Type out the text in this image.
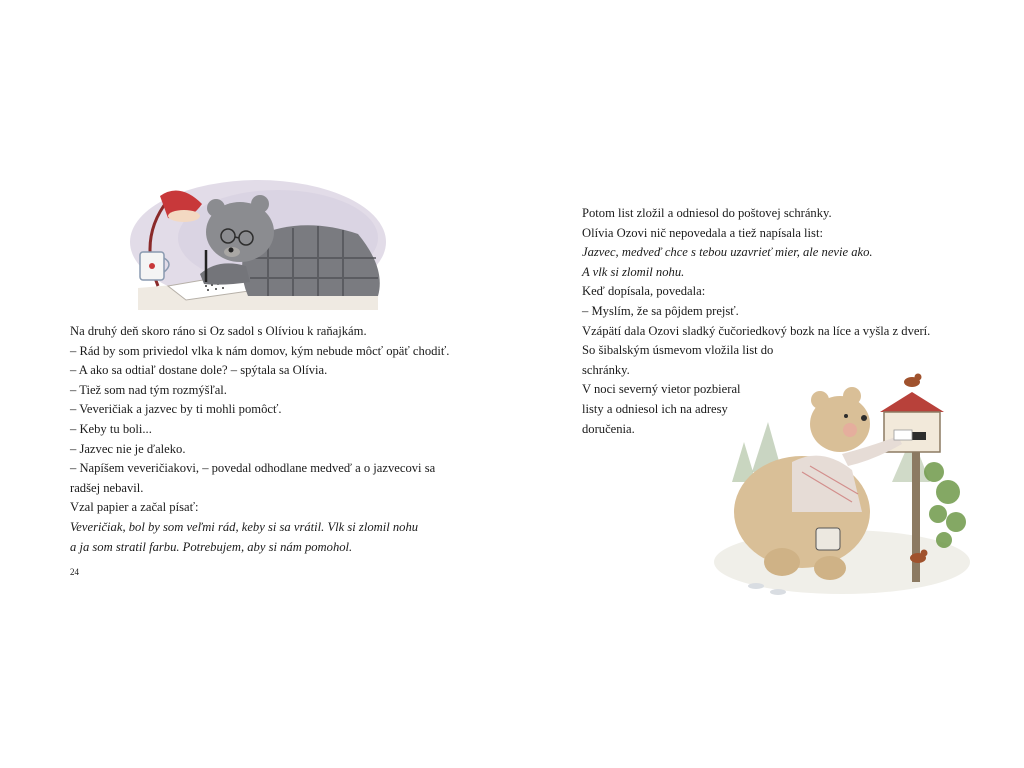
Na druhý deň skoro ráno si Oz sadol s Olíviou k raňajkám.
– Rád by som priviedol vlka k nám domov, kým nebude môcť opäť chodiť.
– A ako sa odtiaľ dostane dole? – spýtala sa Olívia.
– Tiež som nad tým rozmýšľal.
– Veveričiak a jazvec by ti mohli pomôcť.
– Keby tu boli...
– Jazvec nie je ďaleko.
– Napíšem veveričiakovi, – povedal odhodlane medveď a o jazvecovi sa
radšej nebavil.
Vzal papier a začal písať:
Veveričiak, bol by som veľmi rád, keby si sa vrátil. Vlk si zlomil nohu
a ja som stratil farbu. Potrebujem, aby si nám pomohol.
24
Potom list zložil a odniesol do poštovej schránky.
Olívia Ozovi nič nepovedala a tiež napísala list:
Jazvec, medveď chce s tebou uzavrieť mier, ale nevie ako.
A vlk si zlomil nohu.
Keď dopísala, povedala:
– Myslím, že sa pôjdem prejsť.
Vzápätí dala Ozovi sladký čučoriedkový bozk na líce a vyšla z dverí.
So šibalským úsmevom vložila list do
schránky.
V noci severný vietor pozbieral
listy a odniesol ich na adresy
doručenia.
